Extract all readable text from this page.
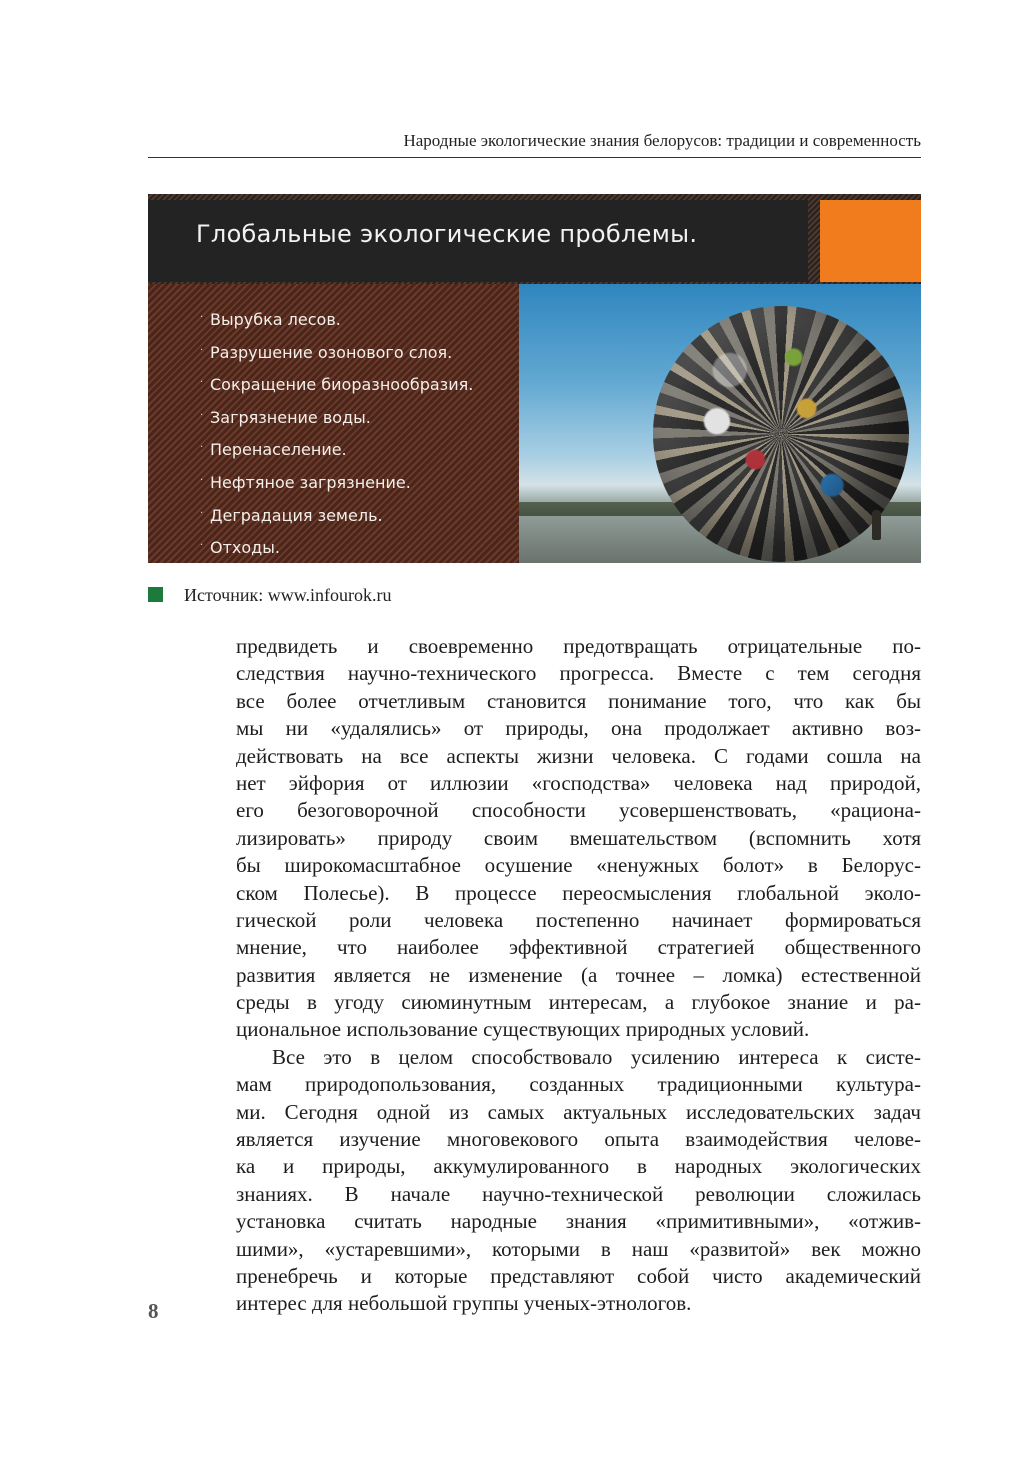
Народные экологические знания белорусов: традиции и современность
Глобальные экологические проблемы.
· Вырубка лесов.
· Разрушение озонового слоя.
· Сокращение биоразнообразия.
· Загрязнение воды.
· Перенаселение.
· Нефтяное загрязнение.
· Деградация земель.
· Отходы.
Источник: www.infourok.ru
предвидеть и своевременно предотвращать отрицательные по-
следствия научно-технического прогресса. Вместе с тем сегодня
все более отчетливым становится понимание того, что как бы
мы ни «удалялись» от природы, она продолжает активно воз-
действовать на все аспекты жизни человека. С годами сошла на
нет эйфория от иллюзии «господства» человека над природой,
его безоговорочной способности усовершенствовать, «рациона-
лизировать» природу своим вмешательством (вспомнить хотя
бы широкомасштабное осушение «ненужных болот» в Белорус-
ском Полесье). В процессе переосмысления глобальной эколо-
гической роли человека постепенно начинает формироваться
мнение, что наиболее эффективной стратегией общественного
развития является не изменение (а точнее – ломка) естественной
среды в угоду сиюминутным интересам, а глубокое знание и ра-
циональное использование существующих природных условий.
Все это в целом способствовало усилению интереса к систе-
мам природопользования, созданных традиционными культура-
ми. Сегодня одной из самых актуальных исследовательских задач
является изучение многовекового опыта взаимодействия челове-
ка и природы, аккумулированного в народных экологических
знаниях. В начале научно-технической революции сложилась
установка считать народные знания «примитивными», «отжив-
шими», «устаревшими», которыми в наш «развитой» век можно
пренебречь и которые представляют собой чисто академический
интерес для небольшой группы ученых-этнологов.
8
